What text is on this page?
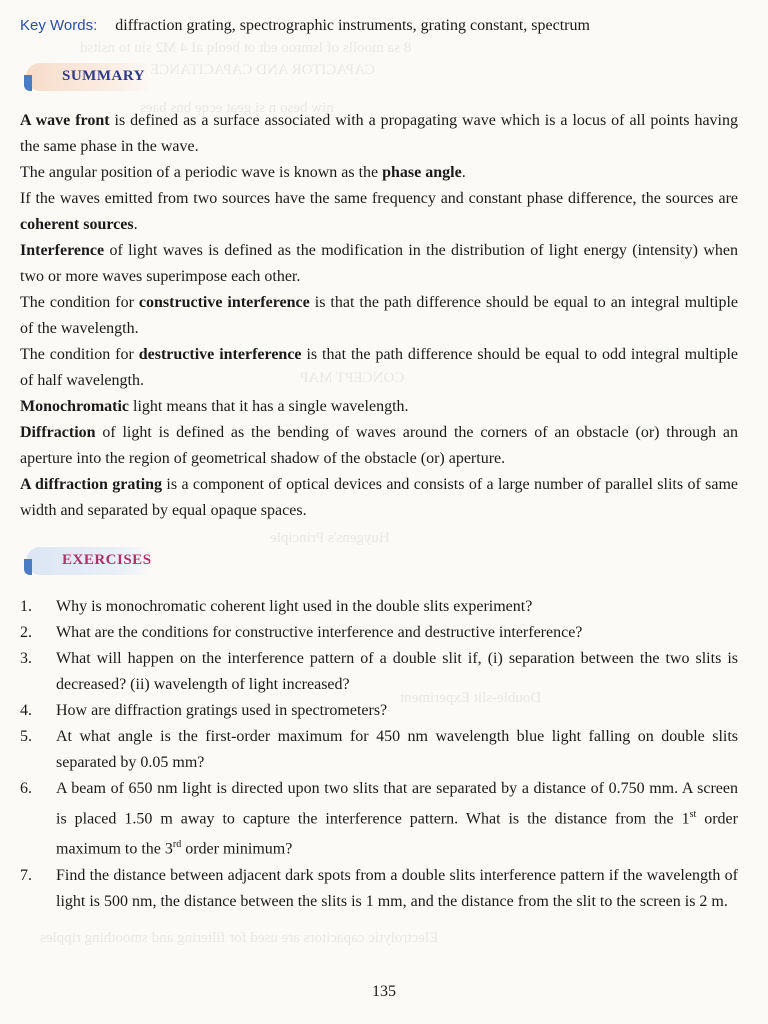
8 sa moolls of lsmroo edt ot beolq aI 4 M2 siu to nsitsd
CAPACITOR AND CAPACITANCE
niw beso n si geat ecqe bns baes
CONCEPT MAP
Huygens's Principle
Double-slit Experiment
Electrolytic capacitors are used for filtering and smoothing ripples
Key Words: diffraction grating, spectrographic instruments, grating constant, spectrum
SUMMARY

A wave front is defined as a surface associated with a propagating wave which is a locus of all points having the same phase in the wave.

The angular position of a periodic wave is known as the phase angle.

If the waves emitted from two sources have the same frequency and constant phase difference, the sources are coherent sources.

Interference of light waves is defined as the modification in the distribution of light energy (intensity) when two or more waves superimpose each other.

The condition for constructive interference is that the path difference should be equal to an integral multiple of the wavelength.

The condition for destructive interference is that the path difference should be equal to odd integral multiple of half wavelength.

Monochromatic light means that it has a single wavelength.

Diffraction of light is defined as the bending of waves around the corners of an obstacle (or) through an aperture into the region of geometrical shadow of the obstacle (or) aperture.

A diffraction grating is a component of optical devices and consists of a large number of parallel slits of same width and separated by equal opaque spaces.

EXERCISES
1.	Why is monochromatic coherent light used in the double slits experiment?
2.	What are the conditions for constructive interference and destructive interference?
3.	What will happen on the interference pattern of a double slit if, (i) separation between the two slits is decreased? (ii) wavelength of light increased?
4.	How are diffraction gratings used in spectrometers?
5.	At what angle is the first-order maximum for 450 nm wavelength blue light falling on double slits separated by 0.05 mm?
6.	A beam of 650 nm light is directed upon two slits that are separated by a distance of 0.750 mm. A screen is placed 1.50 m away to capture the interference pattern. What is the distance from the 1st order maximum to the 3rd order minimum?
7.	Find the distance between adjacent dark spots from a double slits interference pattern if the wavelength of light is 500 nm, the distance between the slits is 1 mm, and the distance from the slit to the screen is 2 m.
135
